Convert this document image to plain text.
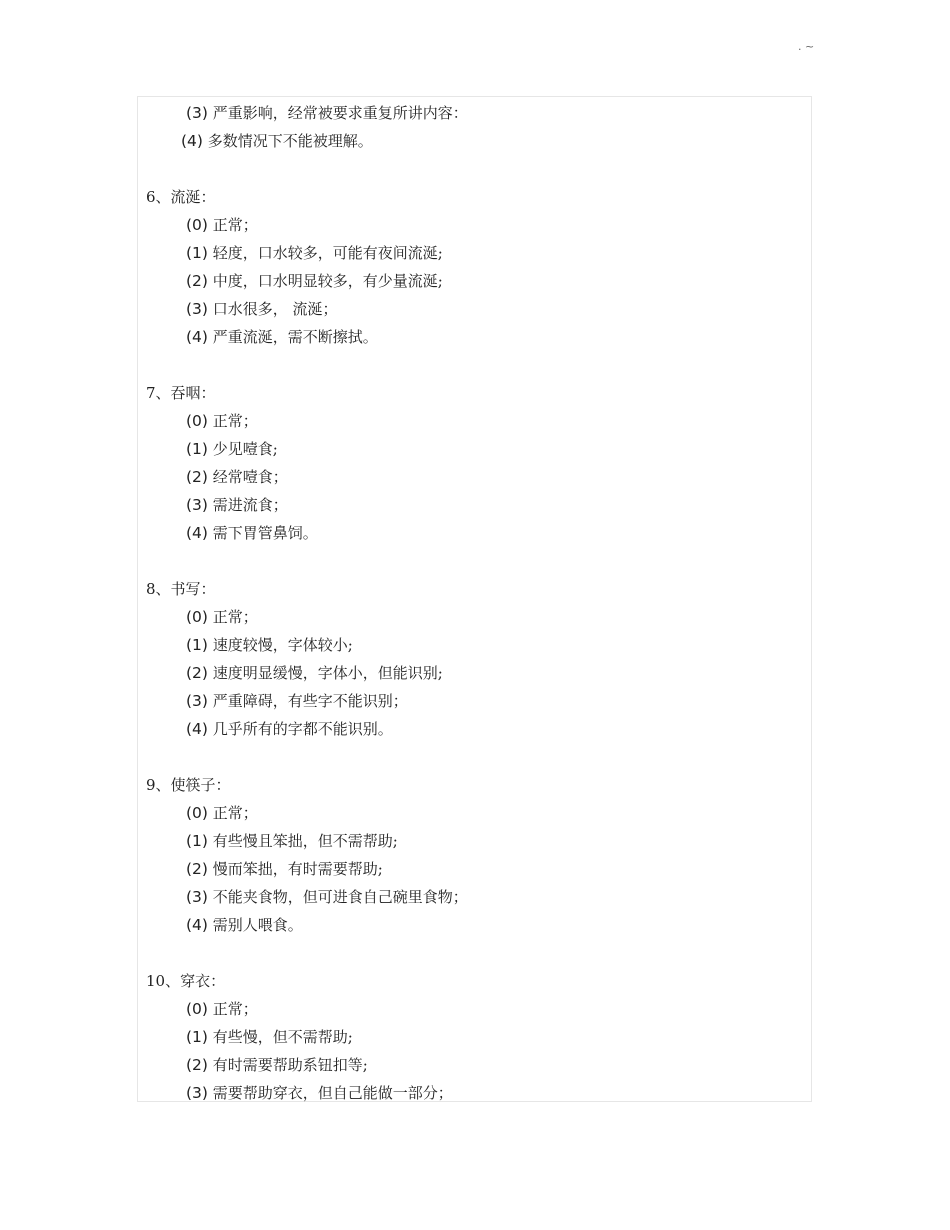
. ~
(3) 严重影响，经常被要求重复所讲内容：
(4) 多数情况下不能被理解。
6、流涎：
(0) 正常；
(1) 轻度，口水较多，可能有夜间流涎;
(2) 中度，口水明显较多，有少量流涎;
(3) 口水很多， 流涎；
(4) 严重流涎，需不断擦拭。
7、吞咽：
(0) 正常；
(1) 少见噎食;
(2) 经常噎食；
(3) 需进流食；
(4) 需下胃管鼻饲。
8、书写：
(0) 正常；
(1) 速度较慢，字体较小;
(2) 速度明显缓慢，字体小，但能识别;
(3) 严重障碍，有些字不能识别；
(4) 几乎所有的字都不能识别。
9、使筷子：
(0) 正常；
(1) 有些慢且笨拙，但不需帮助;
(2) 慢而笨拙，有时需要帮助;
(3) 不能夹食物，但可进食自己碗里食物；
(4) 需别人喂食。
10、穿衣：
(0) 正常；
(1) 有些慢，但不需帮助;
(2) 有时需要帮助系钮扣等;
(3) 需要帮助穿衣，但自己能做一部分；
